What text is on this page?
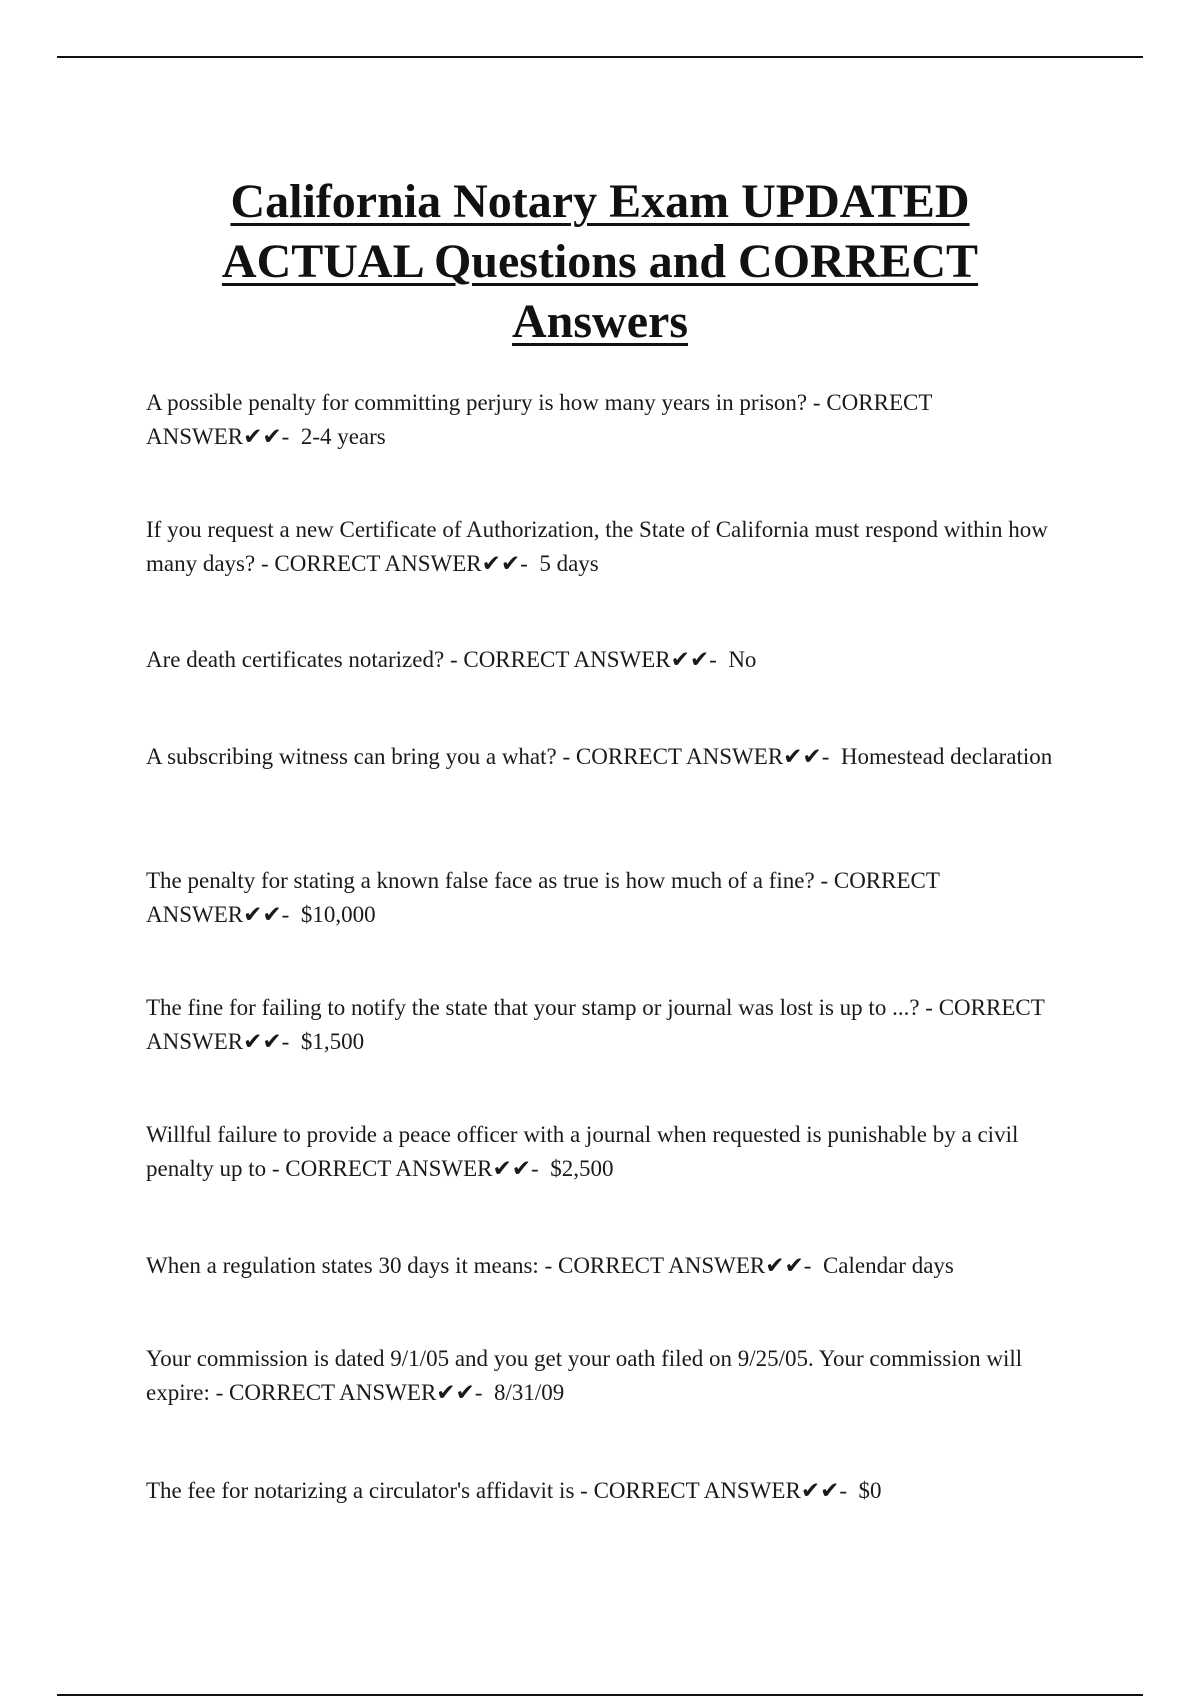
California Notary Exam UPDATED
ACTUAL Questions and CORRECT
Answers

A possible penalty for committing perjury is how many years in prison? - CORRECT ANSWER✔✔- 2-4 years

If you request a new Certificate of Authorization, the State of California must respond within how many days? - CORRECT ANSWER✔✔- 5 days

Are death certificates notarized? - CORRECT ANSWER✔✔- No

A subscribing witness can bring you a what? - CORRECT ANSWER✔✔- Homestead declaration

The penalty for stating a known false face as true is how much of a fine? - CORRECT ANSWER✔✔- $10,000

The fine for failing to notify the state that your stamp or journal was lost is up to ...? - CORRECT ANSWER✔✔- $1,500

Willful failure to provide a peace officer with a journal when requested is punishable by a civil penalty up to - CORRECT ANSWER✔✔- $2,500

When a regulation states 30 days it means: - CORRECT ANSWER✔✔- Calendar days

Your commission is dated 9/1/05 and you get your oath filed on 9/25/05. Your commission will expire: - CORRECT ANSWER✔✔- 8/31/09

The fee for notarizing a circulator's affidavit is - CORRECT ANSWER✔✔- $0
